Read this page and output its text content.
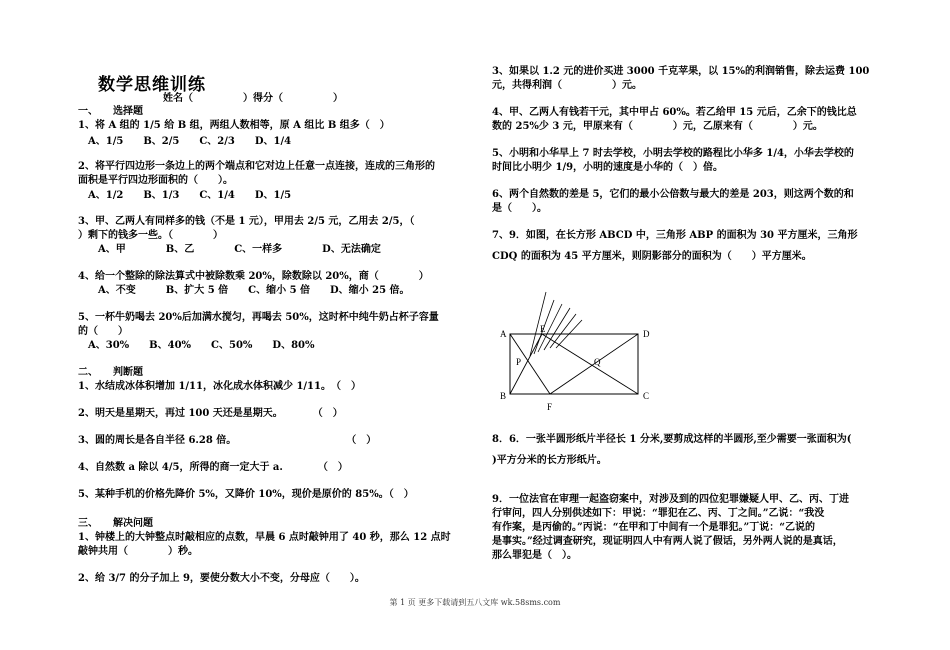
数学思维训练
姓名（　　　　　）得分（　　　　　）
一、　　选择题
1、将 A 组的 1/5 给 B 组，两组人数相等，原 A 组比 B 组多（　）
　A、1/5　　B、2/5　　C、2/3　　D、1/4
2、将平行四边形一条边上的两个端点和它对边上任意一点连接，连成的三角形的
面积是平行四边形面积的（　　）。
　A、1/2　　B、1/3　　C、1/4　　D、1/5
3、甲、乙两人有同样多的钱（不是 1 元），甲用去 2/5 元，乙用去 2/5，（
）剩下的钱多一些。（　　　　）
　　A、甲　　　　B、乙　　　　C、一样多　　　　D、无法确定
4、给一个整除的除法算式中被除数乘 20%，除数除以 20%，商（　　　　）
　　A、不变　　　B、扩大 5 倍　　C、缩小 5 倍　　D、缩小 25 倍。
5、一杯牛奶喝去 20%后加满水搅匀，再喝去 50%，这时杯中纯牛奶占杯子容量
的（　　）
　A、30%　　B、40%　　C、50%　　D、80%
二、　　判断题
1、水结成冰体积增加 1/11，冰化成水体积减少 1/11。　（　）
2、明天是星期天，再过 100 天还是星期天。　　　　（　）
3、圆的周长是各自半径 6.28 倍。　　　　　　　　　　　　（　）
4、自然数 a 除以 4/5，所得的商一定大于 a.　　　　（　）
5、某种手机的价格先降价 5%，又降价 10%，现价是原价的 85%。（　）
三、　　解决问题
1、钟楼上的大钟整点时敲相应的点数，早晨 6 点时敲钟用了 40 秒，那么 12 点时
敲钟共用（　　　　）秒。
2、给 3/7 的分子加上 9，要使分数大小不变，分母应（　　）。
3、如果以 1.2 元的进价买进 3000 千克苹果，以 15%的利润销售，除去运费 100
元，共得利润（　　　　　）元。
4、甲、乙两人有钱若干元，其中甲占 60%。若乙给甲 15 元后，乙余下的钱比总
数的 25%少 3 元，甲原来有（　　　　）元，乙原来有（　　　　）元。
5、小明和小华早上 7 时去学校，小明去学校的路程比小华多 1/4，小华去学校的
时间比小明少 1/9，小明的速度是小华的（　）倍。
6、两个自然数的差是 5，它们的最小公倍数与最大的差是 203，则这两个数的和
是（　　）。
7、9．如图，在长方形 ABCD 中，三角形 ABP 的面积为 30 平方厘米，三角形
CDQ 的面积为 45 平方厘米，则阴影部分的面积为（　　）平方厘米。
8．6．一张半圆形纸片半径长 1 分米,要剪成这样的半圆形,至少需要一张面积为(
)平方分米的长方形纸片。
9．一位法官在审理一起盗窃案中，对涉及到的四位犯罪嫌疑人甲、乙、丙、丁进
行审问，四人分别供述如下：甲说：“罪犯在乙、丙、丁之间。”乙说：“我没
有作案，是丙偷的。”丙说：“在甲和丁中间有一个是罪犯。”丁说：“乙说的
是事实。”经过调查研究，现证明四人中有两人说了假话，另外两人说的是真话，
那么罪犯是（　）。
A	D
B	C
E
F
P	Q
第 1 页 更多下载请到五八文库 wk.58sms.com
